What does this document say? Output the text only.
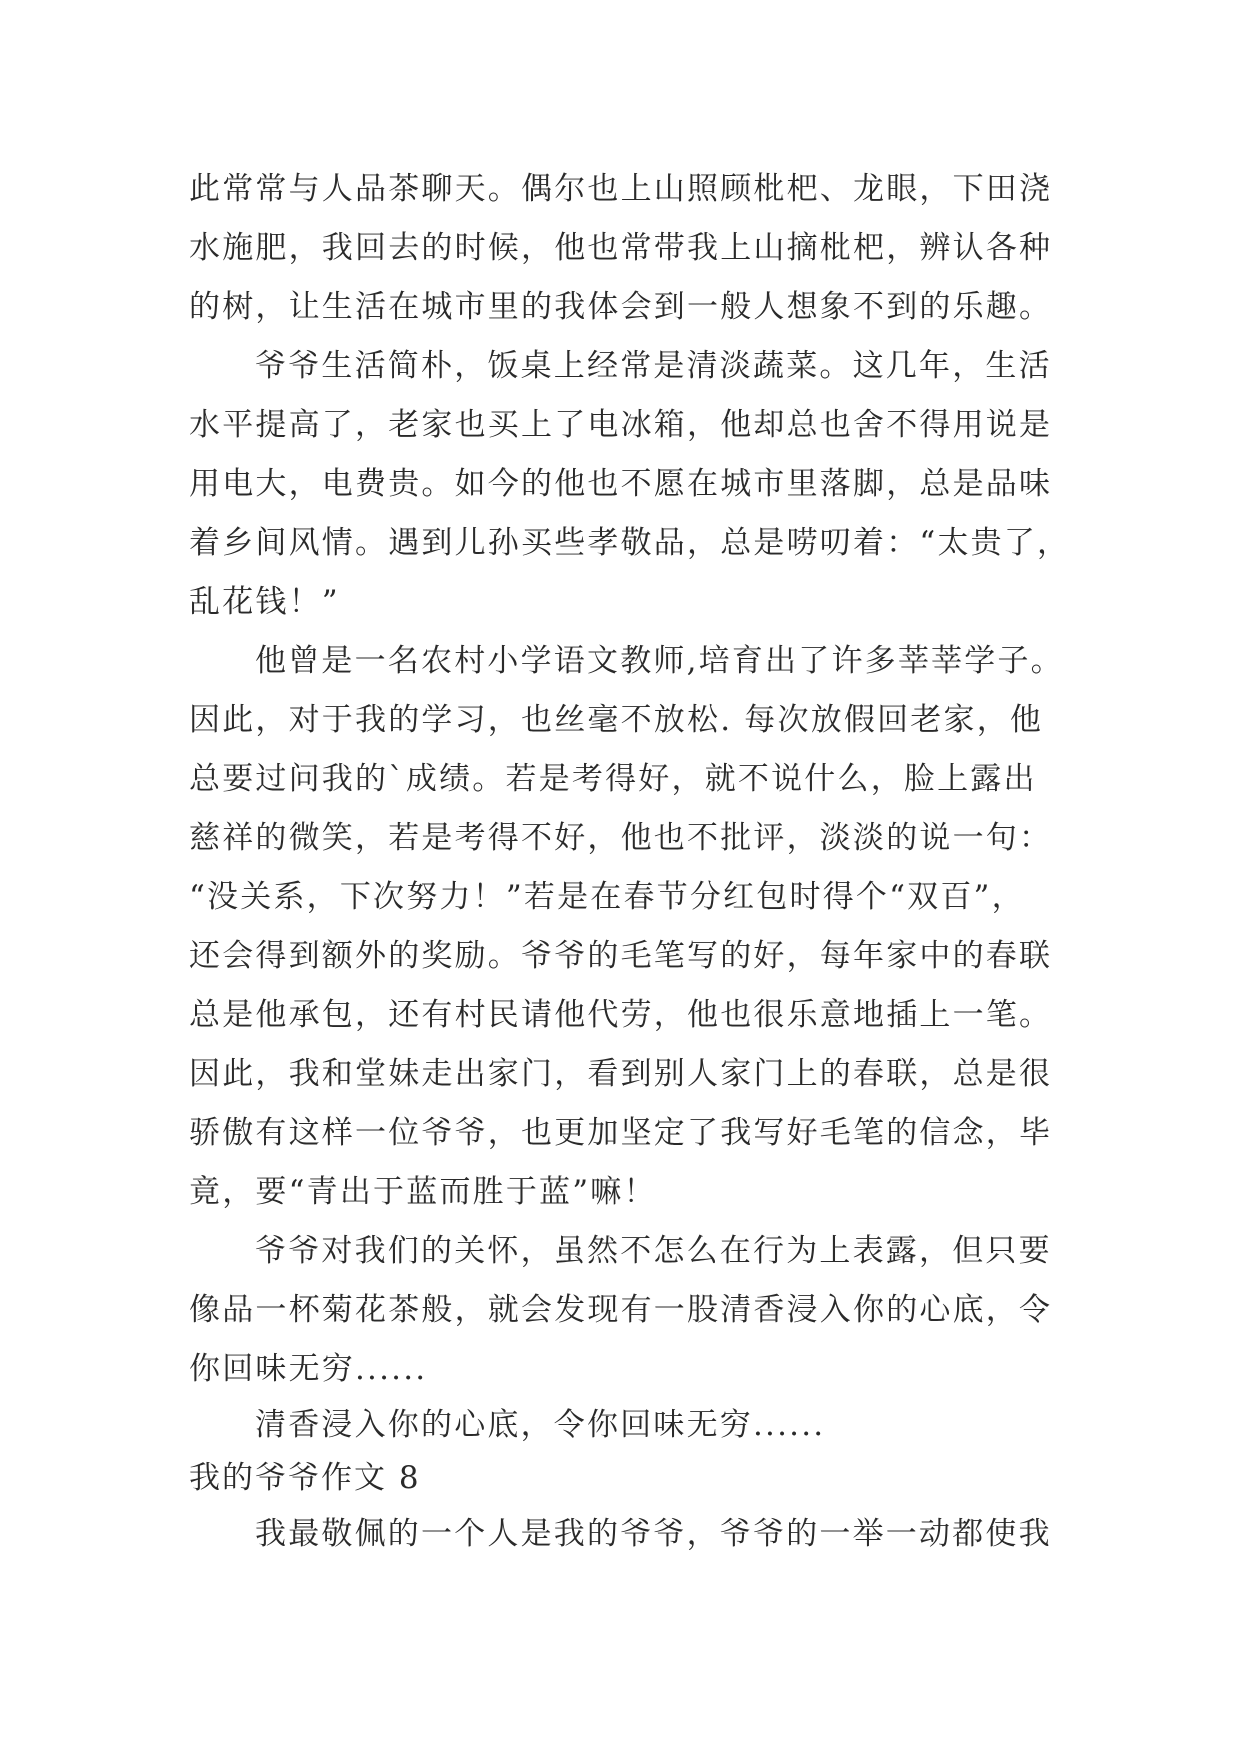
此常常与人品茶聊天。偶尔也上山照顾枇杷、龙眼，下田浇
水施肥，我回去的时候，他也常带我上山摘枇杷，辨认各种
的树，让生活在城市里的我体会到一般人想象不到的乐趣。
爷爷生活简朴，饭桌上经常是清淡蔬菜。这几年，生活
水平提高了，老家也买上了电冰箱，他却总也舍不得用说是
用电大，电费贵。如今的他也不愿在城市里落脚，总是品味
着乡间风情。遇到儿孙买些孝敬品，总是唠叨着：“太贵了，
乱花钱！”
他曾是一名农村小学语文教师,培育出了许多莘莘学子。
因此，对于我的学习，也丝毫不放松. 每次放假回老家，他
总要过问我的`成绩。若是考得好，就不说什么，脸上露出
慈祥的微笑，若是考得不好，他也不批评，淡淡的说一句：
“没关系，下次努力！”若是在春节分红包时得个“双百”，
还会得到额外的奖励。爷爷的毛笔写的好，每年家中的春联
总是他承包，还有村民请他代劳，他也很乐意地插上一笔。
因此，我和堂妹走出家门，看到别人家门上的春联，总是很
骄傲有这样一位爷爷，也更加坚定了我写好毛笔的信念，毕
竟，要“青出于蓝而胜于蓝”嘛！
爷爷对我们的关怀，虽然不怎么在行为上表露，但只要
像品一杯菊花茶般，就会发现有一股清香浸入你的心底，令
你回味无穷......
清香浸入你的心底，令你回味无穷......
我的爷爷作文 8
我最敬佩的一个人是我的爷爷，爷爷的一举一动都使我
